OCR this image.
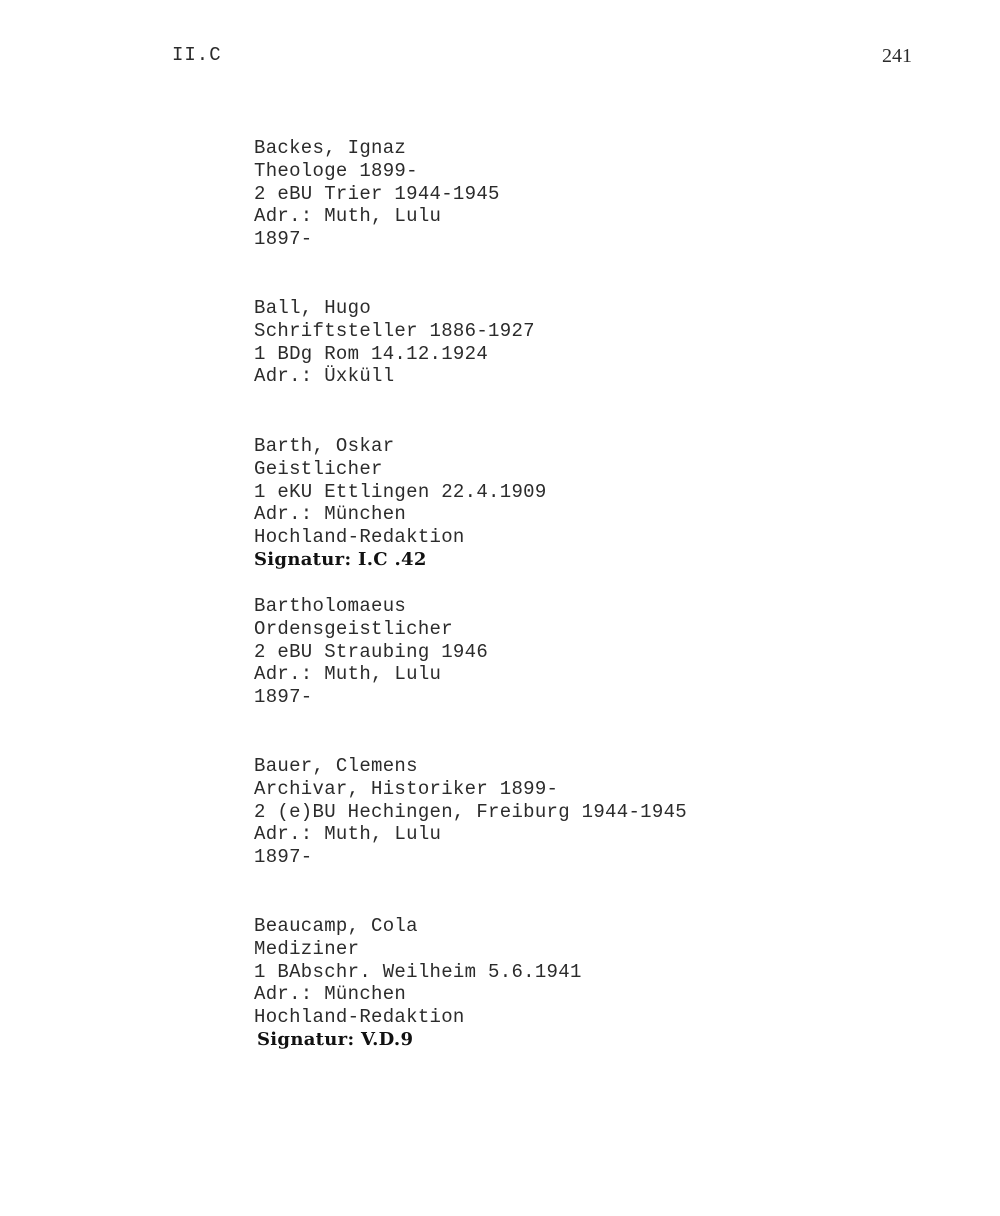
II.C	241
Backes, Ignaz
Theologe 1899-
2 eBU Trier 1944-1945
Adr.: Muth, Lulu
1897-
Ball, Hugo
Schriftsteller 1886-1927
1 BDg Rom 14.12.1924
Adr.: Üxküll
Barth, Oskar
Geistlicher
1 eKU Ettlingen 22.4.1909
Adr.: München
Hochland-Redaktion
Signatur: I.C .42
Bartholomaeus
Ordensgeistlicher
2 eBU Straubing 1946
Adr.: Muth, Lulu
1897-
Bauer, Clemens
Archivar, Historiker 1899-
2 (e)BU Hechingen, Freiburg 1944-1945
Adr.: Muth, Lulu
1897-
Beaucamp, Cola
Mediziner
1 BAbschr. Weilheim 5.6.1941
Adr.: München
Hochland-Redaktion
Signatur: V.D.9
